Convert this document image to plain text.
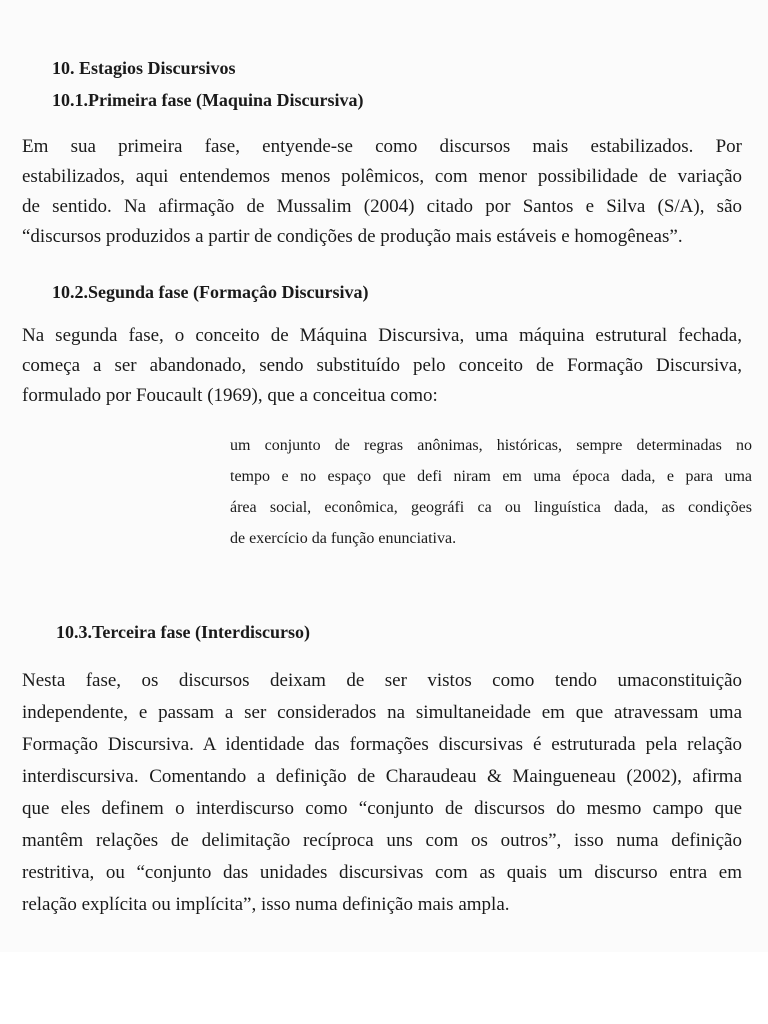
10. Estagios Discursivos
10.1.Primeira fase (Maquina Discursiva)

Em sua primeira fase, entyende-se como discursos mais estabilizados. Por
estabilizados, aqui entendemos menos polêmicos, com menor possibilidade de variação
de sentido. Na afirmação de Mussalim (2004) citado por Santos e Silva (S/A), são
“discursos produzidos a partir de condições de produção mais estáveis e homogêneas”.

10.2.Segunda fase (Formaçâo Discursiva)

Na segunda fase, o conceito de Máquina Discursiva, uma máquina estrutural fechada,
começa a ser abandonado, sendo substituído pelo conceito de Formação Discursiva,
formulado por Foucault (1969), que a conceitua como:

um conjunto de regras anônimas, históricas, sempre determinadas no
tempo e no espaço que defi niram em uma época dada, e para uma
área social, econômica, geográfi ca ou linguística dada, as condições
de exercício da função enunciativa.
10.3.Terceira fase (Interdiscurso)

Nesta fase, os discursos deixam de ser vistos como tendo umaconstituição
independente, e passam a ser considerados na simultaneidade em que atravessam uma
Formação Discursiva. A identidade das formações discursivas é estruturada pela relação
interdiscursiva. Comentando a definição de Charaudeau & Maingueneau (2002), afirma
que eles definem o interdiscurso como “conjunto de discursos do mesmo campo que
mantêm relações de delimitação recíproca uns com os outros”, isso numa definição
restritiva, ou “conjunto das unidades discursivas com as quais um discurso entra em
relação explícita ou implícita”, isso numa definição mais ampla.
